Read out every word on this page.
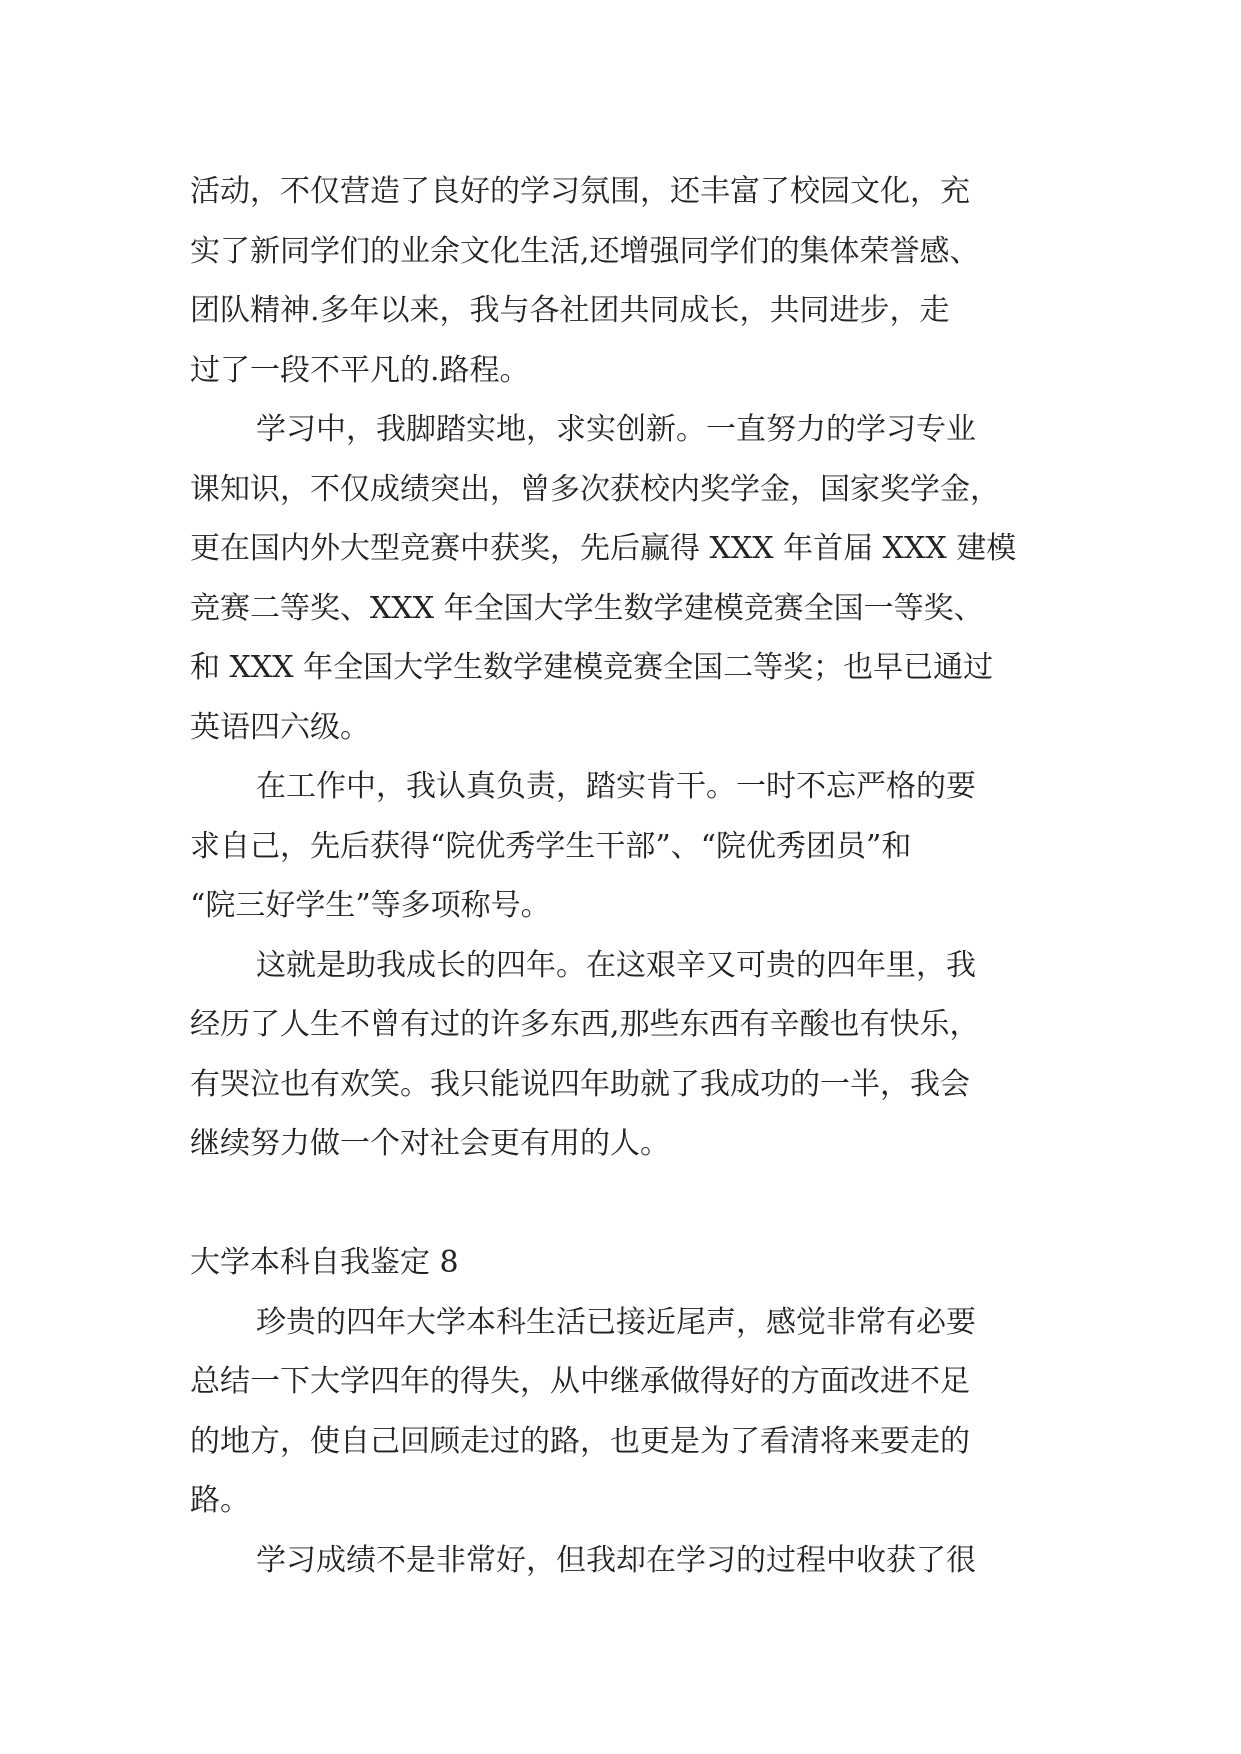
活动，不仅营造了良好的学习氛围，还丰富了校园文化，充
实了新同学们的业余文化生活,还增强同学们的集体荣誉感、
团队精神.多年以来，我与各社团共同成长，共同进步，走
过了一段不平凡的.路程。
学习中，我脚踏实地，求实创新。一直努力的学习专业
课知识，不仅成绩突出，曾多次获校内奖学金，国家奖学金，
更在国内外大型竞赛中获奖，先后赢得 XXX 年首届 XXX 建模
竞赛二等奖、XXX 年全国大学生数学建模竞赛全国一等奖、
和 XXX 年全国大学生数学建模竞赛全国二等奖；也早已通过
英语四六级。
在工作中，我认真负责，踏实肯干。一时不忘严格的要
求自己，先后获得“院优秀学生干部”、“院优秀团员”和
“院三好学生”等多项称号。
这就是助我成长的四年。在这艰辛又可贵的四年里，我
经历了人生不曾有过的许多东西,那些东西有辛酸也有快乐，
有哭泣也有欢笑。我只能说四年助就了我成功的一半，我会
继续努力做一个对社会更有用的人。
大学本科自我鉴定 8
珍贵的四年大学本科生活已接近尾声，感觉非常有必要
总结一下大学四年的得失，从中继承做得好的方面改进不足
的地方，使自己回顾走过的路，也更是为了看清将来要走的
路。
学习成绩不是非常好，但我却在学习的过程中收获了很
